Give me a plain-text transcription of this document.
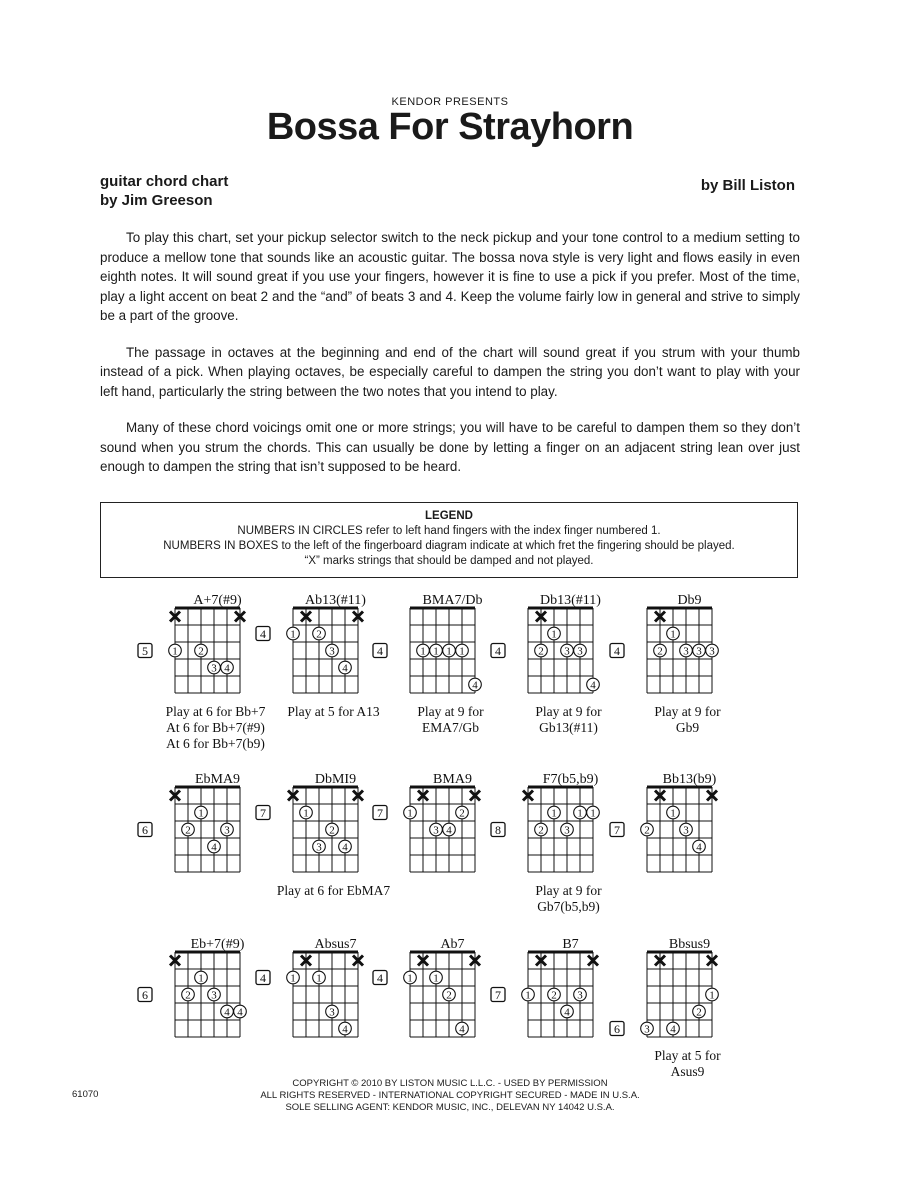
KENDOR PRESENTS
Bossa For Strayhorn
guitar chord chart
by Jim Greeson
by Bill Liston

To play this chart, set your pickup selector switch to the neck pickup and your tone control to a medium setting to produce a mellow tone that sounds like an acoustic guitar. The bossa nova style is very light and flows easily in even eighth notes. It will sound great if you use your fingers, however it is fine to use a pick if you prefer. Most of the time, play a light accent on beat 2 and the “and” of beats 3 and 4. Keep the volume fairly low in general and strive to simply be a part of the groove.

The passage in octaves at the beginning and end of the chart will sound great if you strum with your thumb instead of a pick. When playing octaves, be especially careful to dampen the string you don’t want to play with your left hand, particularly the string between the two notes that you intend to play.

Many of these chord voicings omit one or more strings; you will have to be careful to dampen them so they don’t sound when you strum the chords. This can usually be done by letting a finger on an adjacent string lean over just enough to dampen the string that isn’t supposed to be heard.

LEGEND
NUMBERS IN CIRCLES refer to left hand fingers with the index finger numbered 1.
NUMBERS IN BOXES to the left of the fingerboard diagram indicate at which fret the fingering should be played.
“X” marks strings that should be damped and not played.
A+7(#9)
5 1 2
3 4
Play at 6 for Bb+7
At 6 for Bb+7(#9)
At 6 for Bb+7(b9)
Ab13(#11)
4 1 2
3
4
Play at 5 for A13
BMA7/Db
4	1 1 1 1
4
Play at 9 for
EMA7/Gb
Db13(#11)
4
1
2 3 3
4
Play at 9 for
Gb13(#11)
Db9
4
1
2 3 3 3
Play at 9 for
Gb9
EbMA9
6
1
2	3
4
DbMI9
7	1
2
3 4
Play at 6 for EbMA7
BMA9
7 1	2
3 4
F7(b5,b9)
8
1 1 1
2 3
Play at 9 for
Gb7(b5,b9)
Bb13(b9)
7
1
2	3
4
Eb+7(#9)
6
1
2 3
4 4
Absus7
4 1 1
3
4
Ab7
4 1 1
2
4
B7
7 1 2 3
4
Bbsus9
6
1
2
3 4
Play at 5 for
Asus9
61070
COPYRIGHT © 2010 BY LISTON MUSIC L.L.C. - USED BY PERMISSION
ALL RIGHTS RESERVED - INTERNATIONAL COPYRIGHT SECURED - MADE IN U.S.A.
SOLE SELLING AGENT: KENDOR MUSIC, INC., DELEVAN NY 14042 U.S.A.
